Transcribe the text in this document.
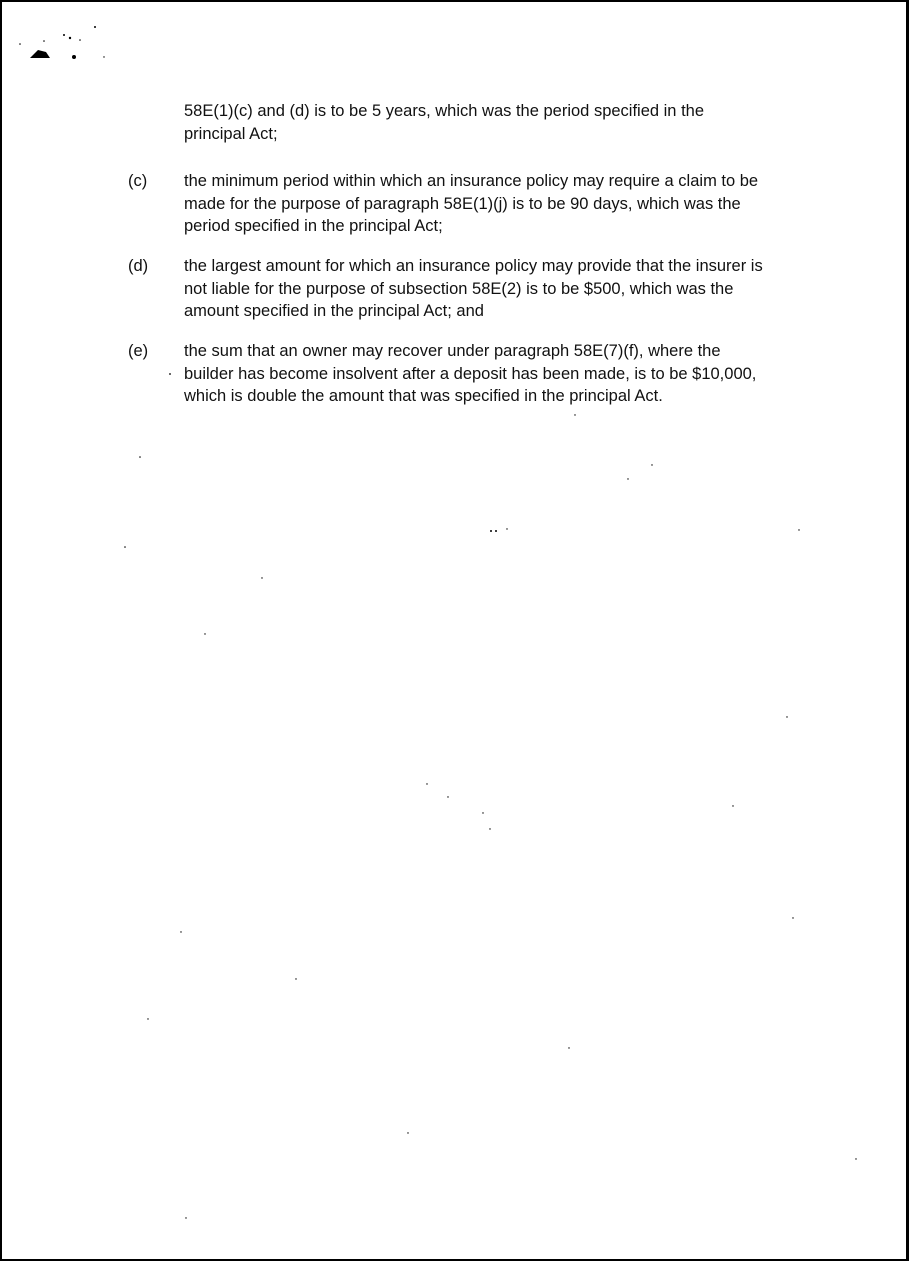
58E(1)(c) and (d) is to be 5 years, which was the period specified in the principal Act;

(c) the minimum period within which an insurance policy may require a claim to be made for the purpose of paragraph 58E(1)(j) is to be 90 days, which was the period specified in the principal Act;

(d) the largest amount for which an insurance policy may provide that the insurer is not liable for the purpose of subsection 58E(2) is to be $500, which was the amount specified in the principal Act; and

(e) the sum that an owner may recover under paragraph 58E(7)(f), where the builder has become insolvent after a deposit has been made, is to be $10,000, which is double the amount that was specified in the principal Act.
